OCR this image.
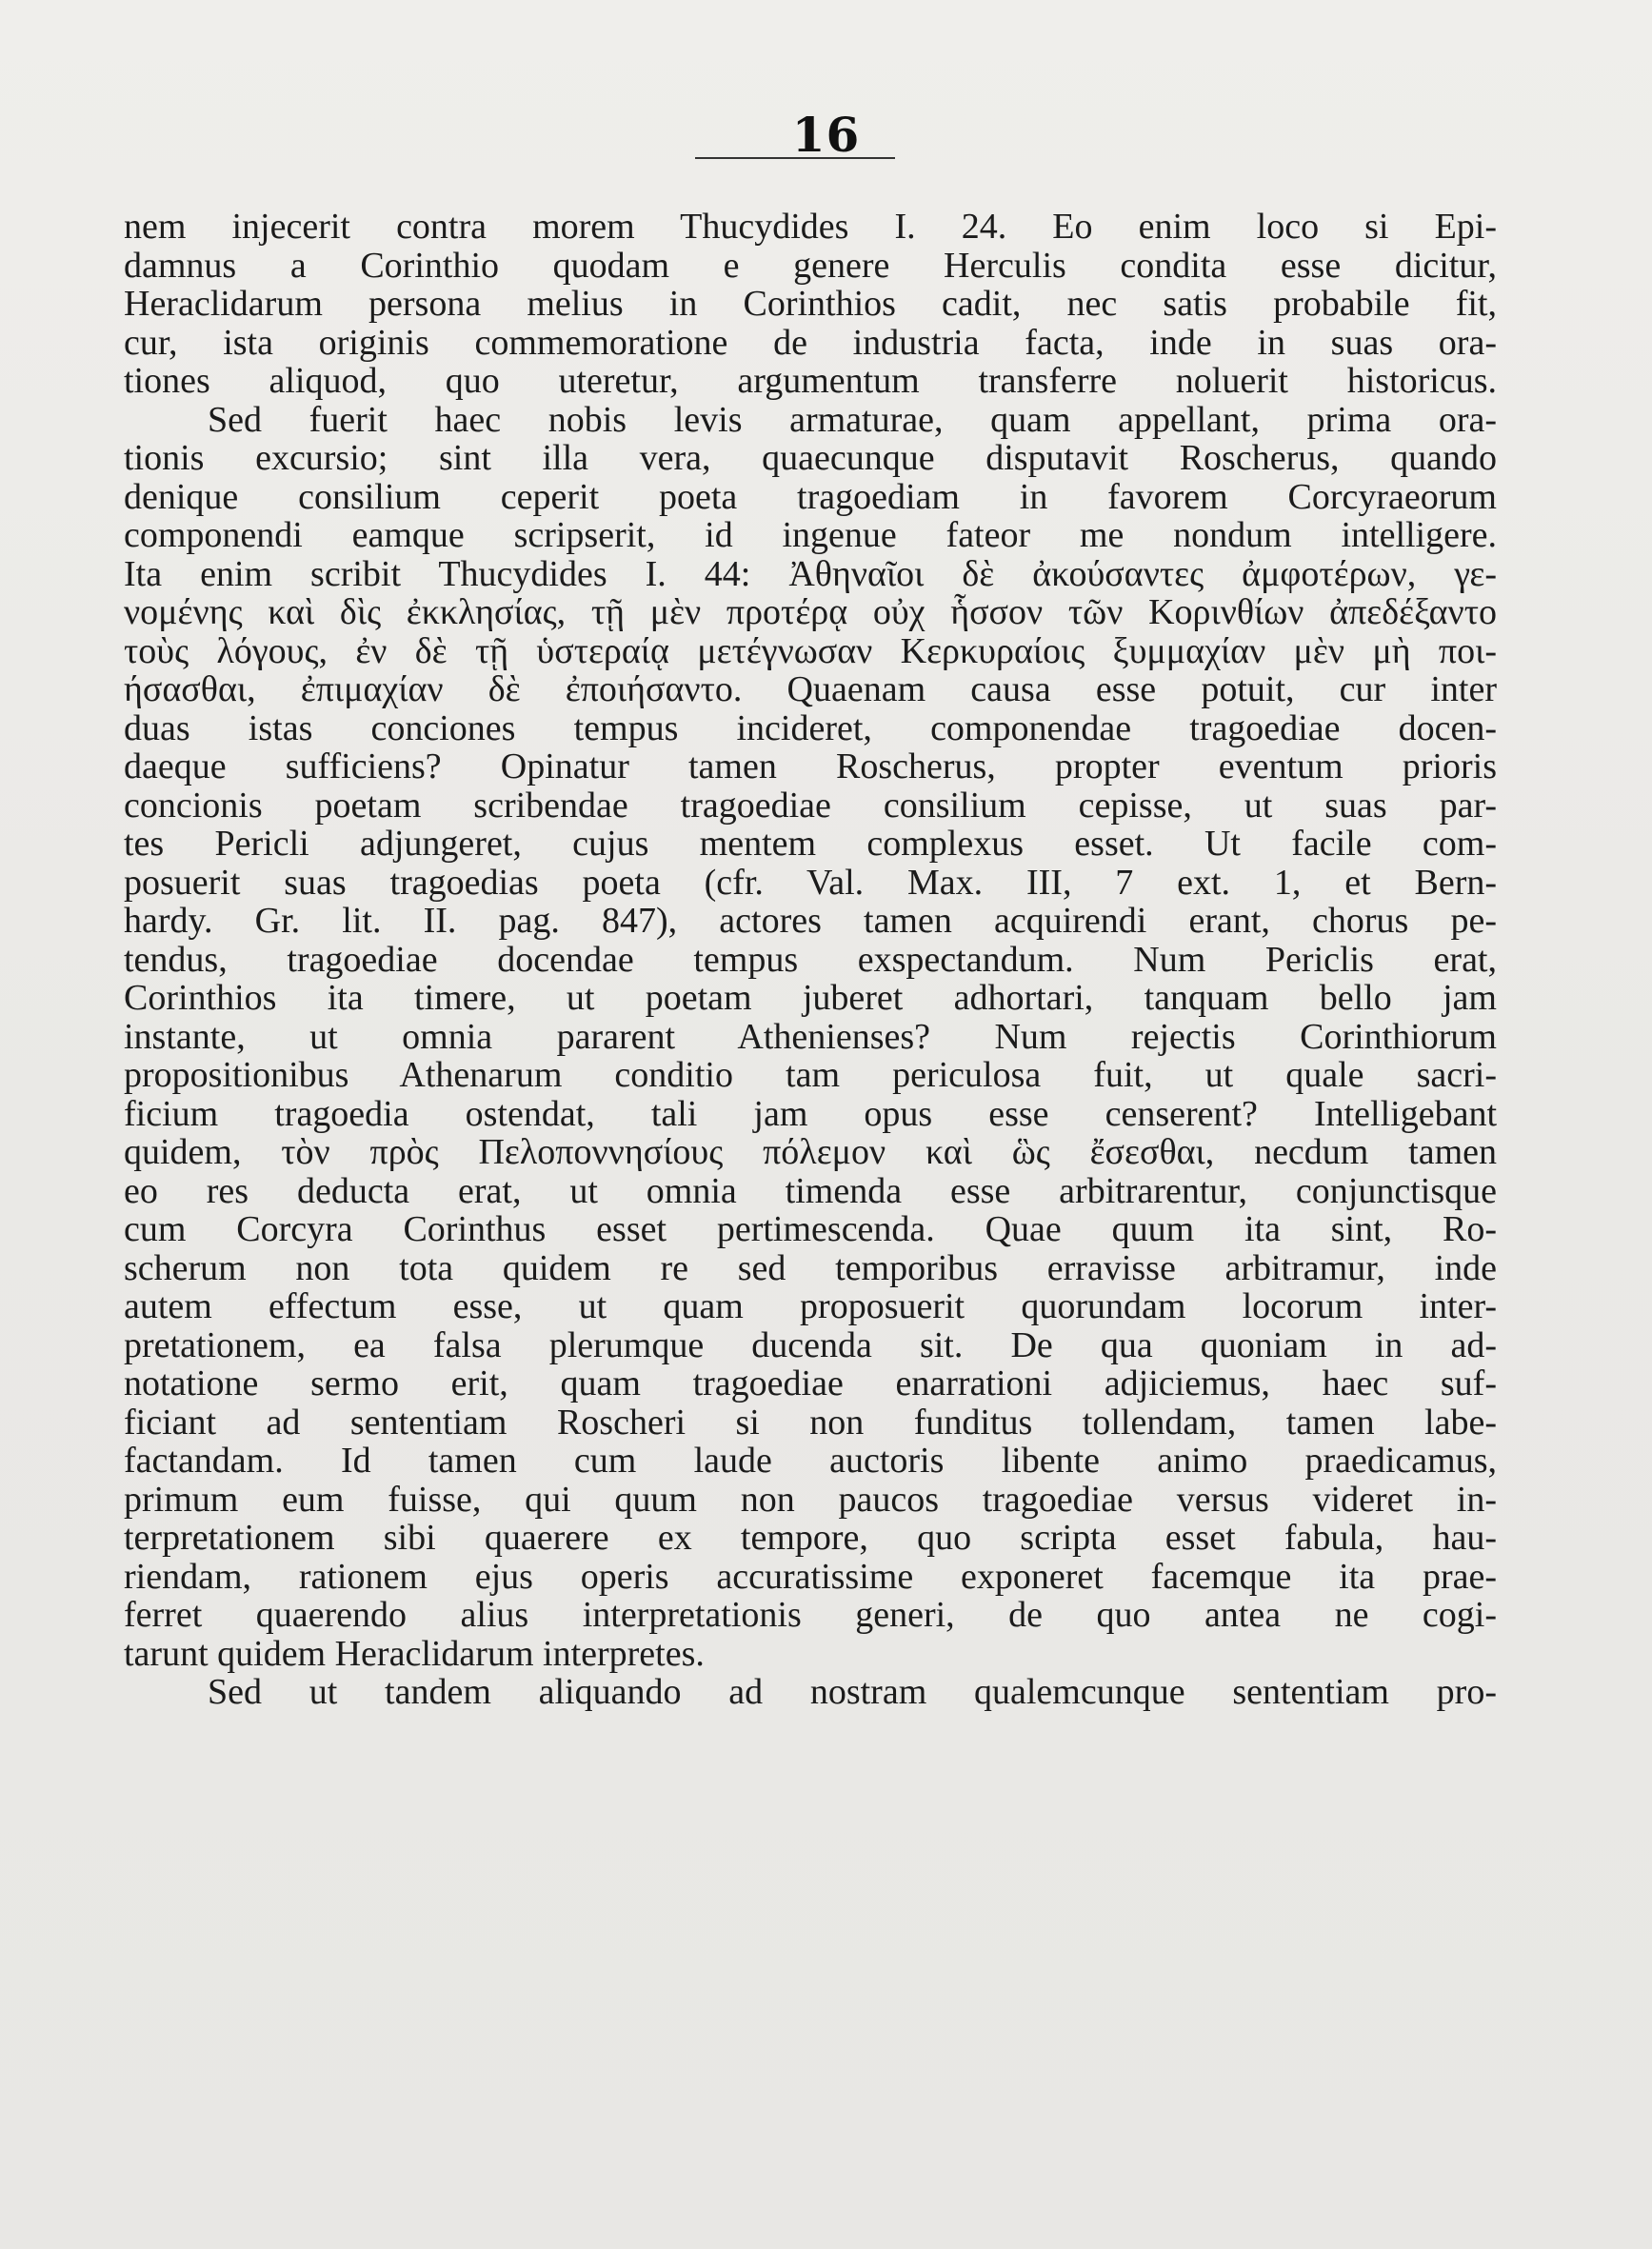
16
nem injecerit contra morem Thucydides I. 24. Eo enim loco si Epi-
damnus a Corinthio quodam e genere Herculis condita esse dicitur,
Heraclidarum persona melius in Corinthios cadit, nec satis probabile fit,
cur, ista originis commemoratione de industria facta, inde in suas ora-
tiones aliquod, quo uteretur, argumentum transferre noluerit historicus.
Sed fuerit haec nobis levis armaturae, quam appellant, prima ora-
tionis excursio; sint illa vera, quaecunque disputavit Roscherus, quando
denique consilium ceperit poeta tragoediam in favorem Corcyraeorum
componendi eamque scripserit, id ingenue fateor me nondum intelligere.
Ita enim scribit Thucydides I. 44: Ἀθηναῖοι δὲ ἀκούσαντες ἀμφοτέρων, γε-
νομένης καὶ δὶς ἐκκλησίας, τῇ μὲν προτέρᾳ οὐχ ἧσσον τῶν Κορινθίων ἀπεδέξαντο
τοὺς λόγους, ἐν δὲ τῇ ὑστεραίᾳ μετέγνωσαν Κερκυραίοις ξυμμαχίαν μὲν μὴ ποι-
ήσασθαι, ἐπιμαχίαν δὲ ἐποιήσαντο. Quaenam causa esse potuit, cur inter
duas istas conciones tempus incideret, componendae tragoediae docen-
daeque sufficiens? Opinatur tamen Roscherus, propter eventum prioris
concionis poetam scribendae tragoediae consilium cepisse, ut suas par-
tes Pericli adjungeret, cujus mentem complexus esset. Ut facile com-
posuerit suas tragoedias poeta (cfr. Val. Max. III, 7 ext. 1, et Bern-
hardy. Gr. lit. II. pag. 847), actores tamen acquirendi erant, chorus pe-
tendus, tragoediae docendae tempus exspectandum. Num Periclis erat,
Corinthios ita timere, ut poetam juberet adhortari, tanquam bello jam
instante, ut omnia pararent Athenienses? Num rejectis Corinthiorum
propositionibus Athenarum conditio tam periculosa fuit, ut quale sacri-
ficium tragoedia ostendat, tali jam opus esse censerent? Intelligebant
quidem, τὸν πρὸς Πελοποννησίους πόλεμον καὶ ὣς ἔσεσθαι, necdum tamen
eo res deducta erat, ut omnia timenda esse arbitrarentur, conjunctisque
cum Corcyra Corinthus esset pertimescenda. Quae quum ita sint, Ro-
scherum non tota quidem re sed temporibus erravisse arbitramur, inde
autem effectum esse, ut quam proposuerit quorundam locorum inter-
pretationem, ea falsa plerumque ducenda sit. De qua quoniam in ad-
notatione sermo erit, quam tragoediae enarrationi adjiciemus, haec suf-
ficiant ad sententiam Roscheri si non funditus tollendam, tamen labe-
factandam. Id tamen cum laude auctoris libente animo praedicamus,
primum eum fuisse, qui quum non paucos tragoediae versus videret in-
terpretationem sibi quaerere ex tempore, quo scripta esset fabula, hau-
riendam, rationem ejus operis accuratissime exponeret facemque ita prae-
ferret quaerendo alius interpretationis generi, de quo antea ne cogi-
tarunt quidem Heraclidarum interpretes.
Sed ut tandem aliquando ad nostram qualemcunque sententiam pro-
